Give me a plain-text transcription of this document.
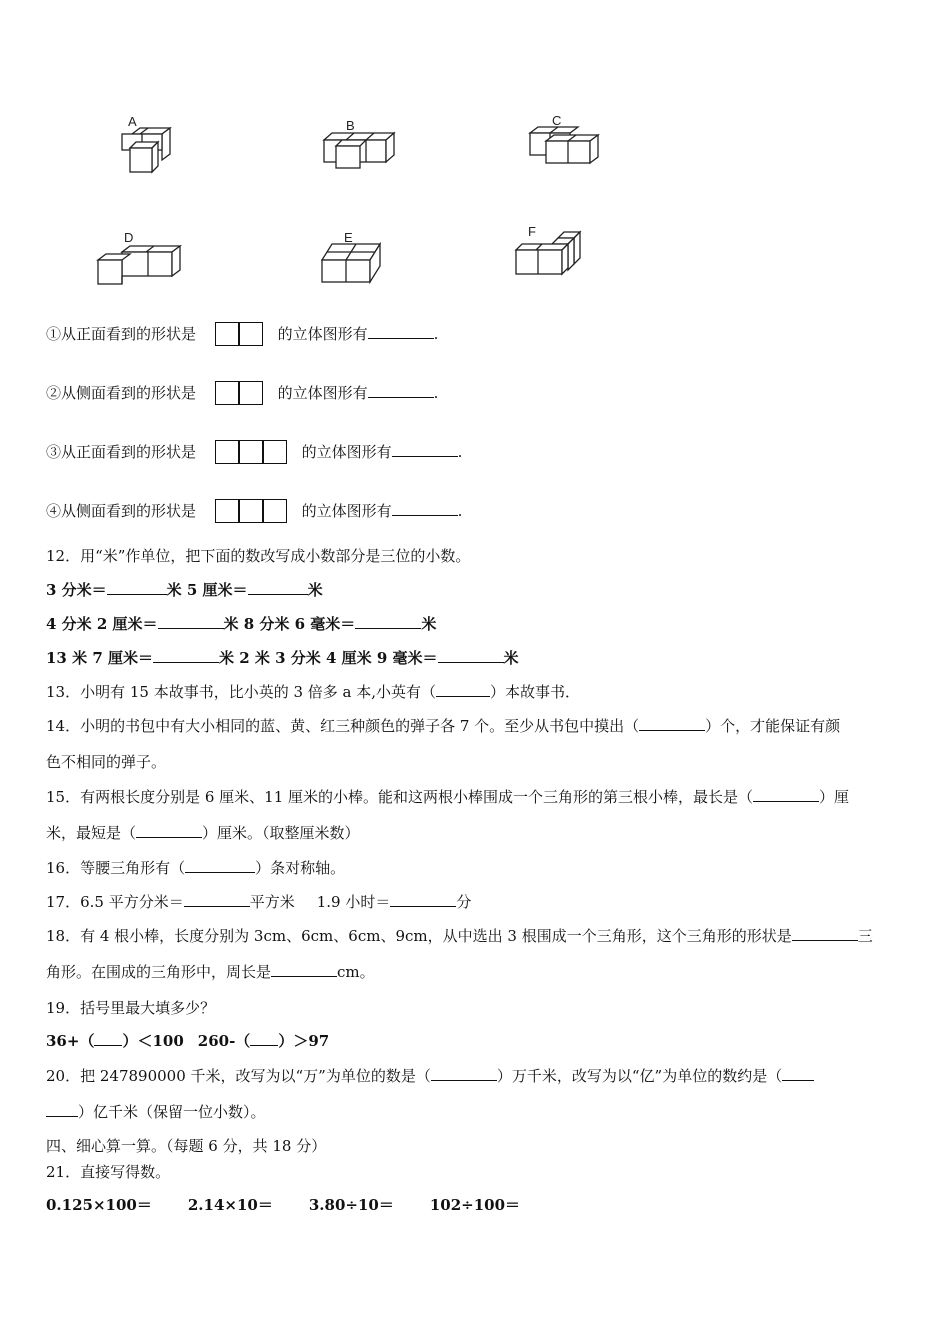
A	B	C
D	E	F
①从正面看到的形状是	的立体图形有	.
②从侧面看到的形状是	的立体图形有	.
③从正面看到的形状是	的立体图形有	.
④从侧面看到的形状是	的立体图形有	.
12．用“米”作单位，把下面的数改写成小数部分是三位的小数。
3 分米＝	米 5 厘米＝	米
4 分米 2 厘米＝	米 8 分米 6 毫米＝	米
13 米 7 厘米＝	米 2 米 3 分米 4 厘米 9 毫米＝	米
13．小明有 15 本故事书，比小英的 3 倍多 a 本,小英有（	）本故事书．
14．小明的书包中有大小相同的蓝、黄、红三种颜色的弹子各 7 个。至少从书包中摸出（	）个，才能保证有颜
色不相同的弹子。
15．有两根长度分别是 6 厘米、11 厘米的小棒。能和这两根小棒围成一个三角形的第三根小棒，最长是（	）厘
米，最短是（	）厘米。（取整厘米数）
16．等腰三角形有（	）条对称轴。
17．6.5 平方分米＝	平方米 1.9 小时＝	分
18．有 4 根小棒，长度分别为 3cm、6cm、6cm、9cm，从中选出 3 根围成一个三角形，这个三角形的形状是	三
角形。在围成的三角形中，周长是	cm。
19．括号里最大填多少？
36+（ ）＜100 260-（ ）＞97
20．把 247890000 千米，改写为以“万”为单位的数是（	）万千米，改写为以“亿”为单位的数约是（
）亿千米（保留一位小数）。
四、细心算一算。（每题 6 分，共 18 分）
21．直接写得数。
0.125×100＝ 2.14×10＝ 3.80÷10＝ 102÷100＝
